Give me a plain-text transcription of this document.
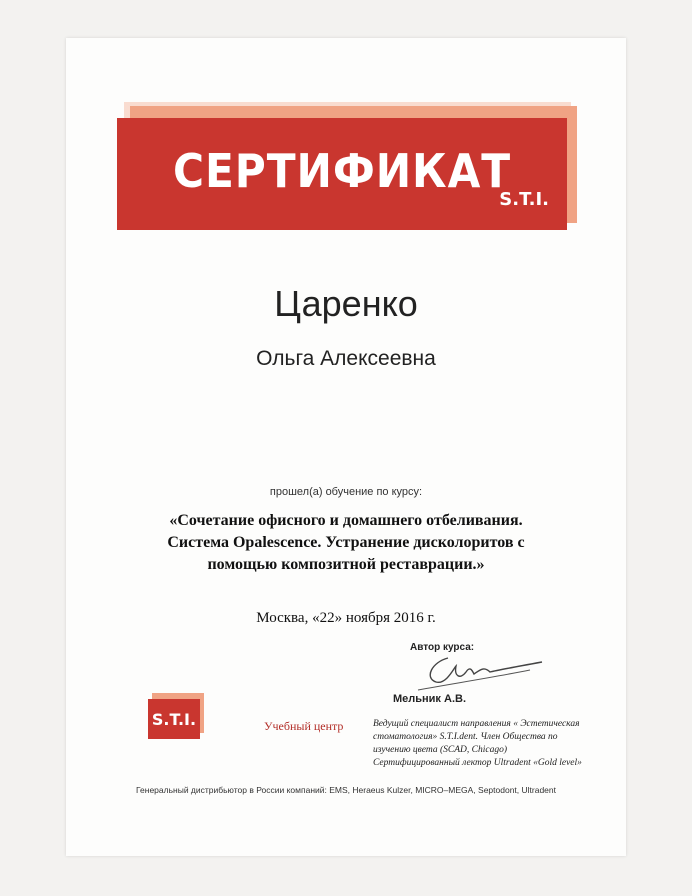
СЕРТИФИКАТ
S.T.I.
Царенко
Ольга Алексеевна
прошел(а) обучение по курсу:
«Сочетание офисного и домашнего отбеливания.
Система Opalescence. Устранение дисколоритов с
помощью композитной реставрации.»
Москва, «22» ноября 2016 г.
Автор курса:
Мельник А.В.
S.T.I.	Учебный центр	Ведущий специалист направления « Эстетическая
стоматология» S.T.I.dent. Член Общества по
изучению цвета (SCAD, Chicago)
Сертифицированный лектор Ultradent «Gold level»
Генеральный дистрибьютор в России компаний: EMS, Heraeus Kulzer, MICRO–MEGA, Septodont, Ultradent
